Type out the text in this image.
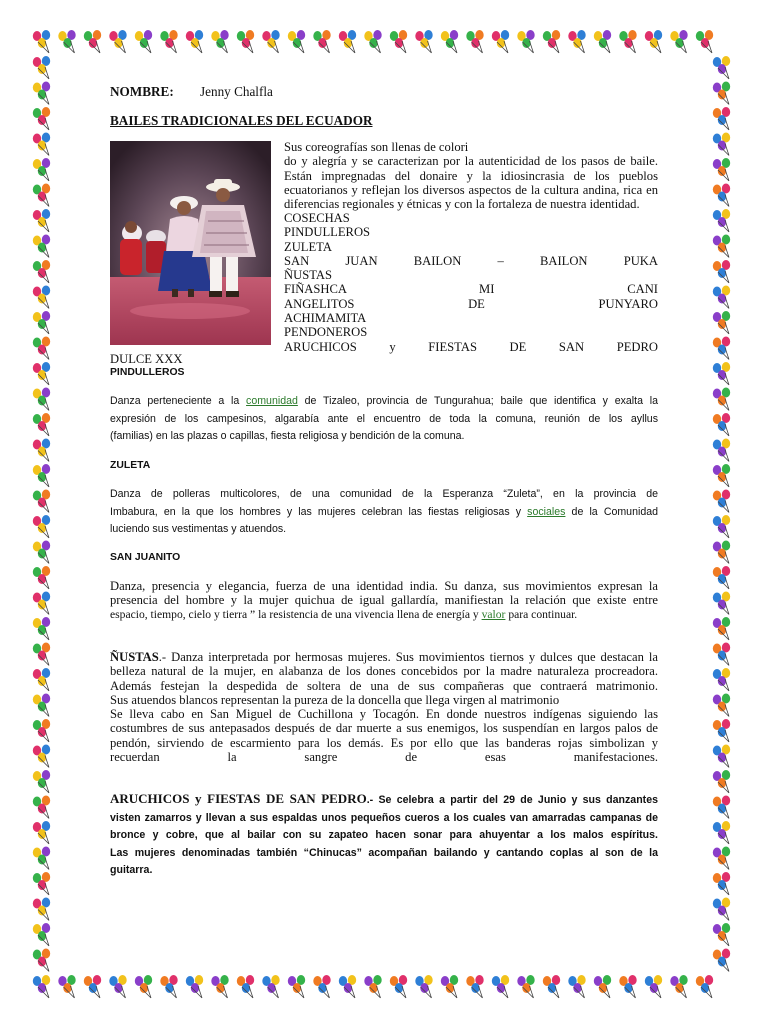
NOMBRE: Jenny Chalfla
BAILES TRADICIONALES DEL ECUADOR
Sus coreografías son llenas de colori
do y alegría y se caracterizan por la autenticidad de los pasos de baile.
Están impregnadas del donaire y la idiosincrasia de los pueblos
ecuatorianos y reflejan los diversos aspectos de la cultura andina, rica en
diferencias regionales y étnicas y con la fortaleza de nuestra identidad.
COSECHAS
PINDULLEROS
ZULETA
SAN JUAN BAILON – BAILON PUKA
ÑUSTAS
FIÑASHCA MI CANI
ANGELITOS DE PUNYARO
ACHIMAMITA
PENDONEROS
ARUCHICOS y FIESTAS DE SAN PEDRO
DULCE XXX
PINDULLEROS
Danza perteneciente a la comunidad de Tizaleo, provincia de Tungurahua; baile que identifica y exalta la
expresión de los campesinos, algarabía ante el encuentro de toda la comuna, reunión de los ayllus
(familias) en las plazas o capillas, fiesta religiosa y bendición de la comuna.
ZULETA
Danza de polleras multicolores, de una comunidad de la Esperanza “Zuleta”, en la provincia de
Imbabura, en la que los hombres y las mujeres celebran las fiestas religiosas y sociales de la Comunidad
luciendo sus vestimentas y atuendos.
SAN JUANITO
Danza, presencia y elegancia, fuerza de una identidad india. Su danza, sus movimientos expresan la
presencia del hombre y la mujer quichua de igual gallardía, manifiestan la relación que existe entre
espacio, tiempo, cielo y tierra ” la resistencia de una vivencia llena de energía y valor para continuar.
ÑUSTAS.- Danza interpretada por hermosas mujeres. Sus movimientos tiernos y dulces que destacan la
belleza natural de la mujer, en alabanza de los dones concebidos por la madre naturaleza procreadora.
Además festejan la despedida de soltera de una de sus compañeras que contraerá matrimonio.
Sus atuendos blancos representan la pureza de la doncella que llega virgen al matrimonio
Se lleva cabo en San Miguel de Cuchillona y Tocagón. En donde nuestros indígenas siguiendo las
costumbres de sus antepasados después de dar muerte a sus enemigos, los suspendían en largos palos de
pendón, sirviendo de escarmiento para los demás. Es por ello que las banderas rojas simbolizan y
recuerdan la sangre de esas manifestaciones.
ARUCHICOS y FIESTAS DE SAN PEDRO.- Se celebra a partir del 29 de Junio y sus danzantes
visten zamarros y llevan a sus espaldas unos pequeños cueros a los cuales van amarradas campanas de
bronce y cobre, que al bailar con su zapateo hacen sonar para ahuyentar a los malos espíritus.
Las mujeres denominadas también “Chinucas” acompañan bailando y cantando coplas al son de la
guitarra.
